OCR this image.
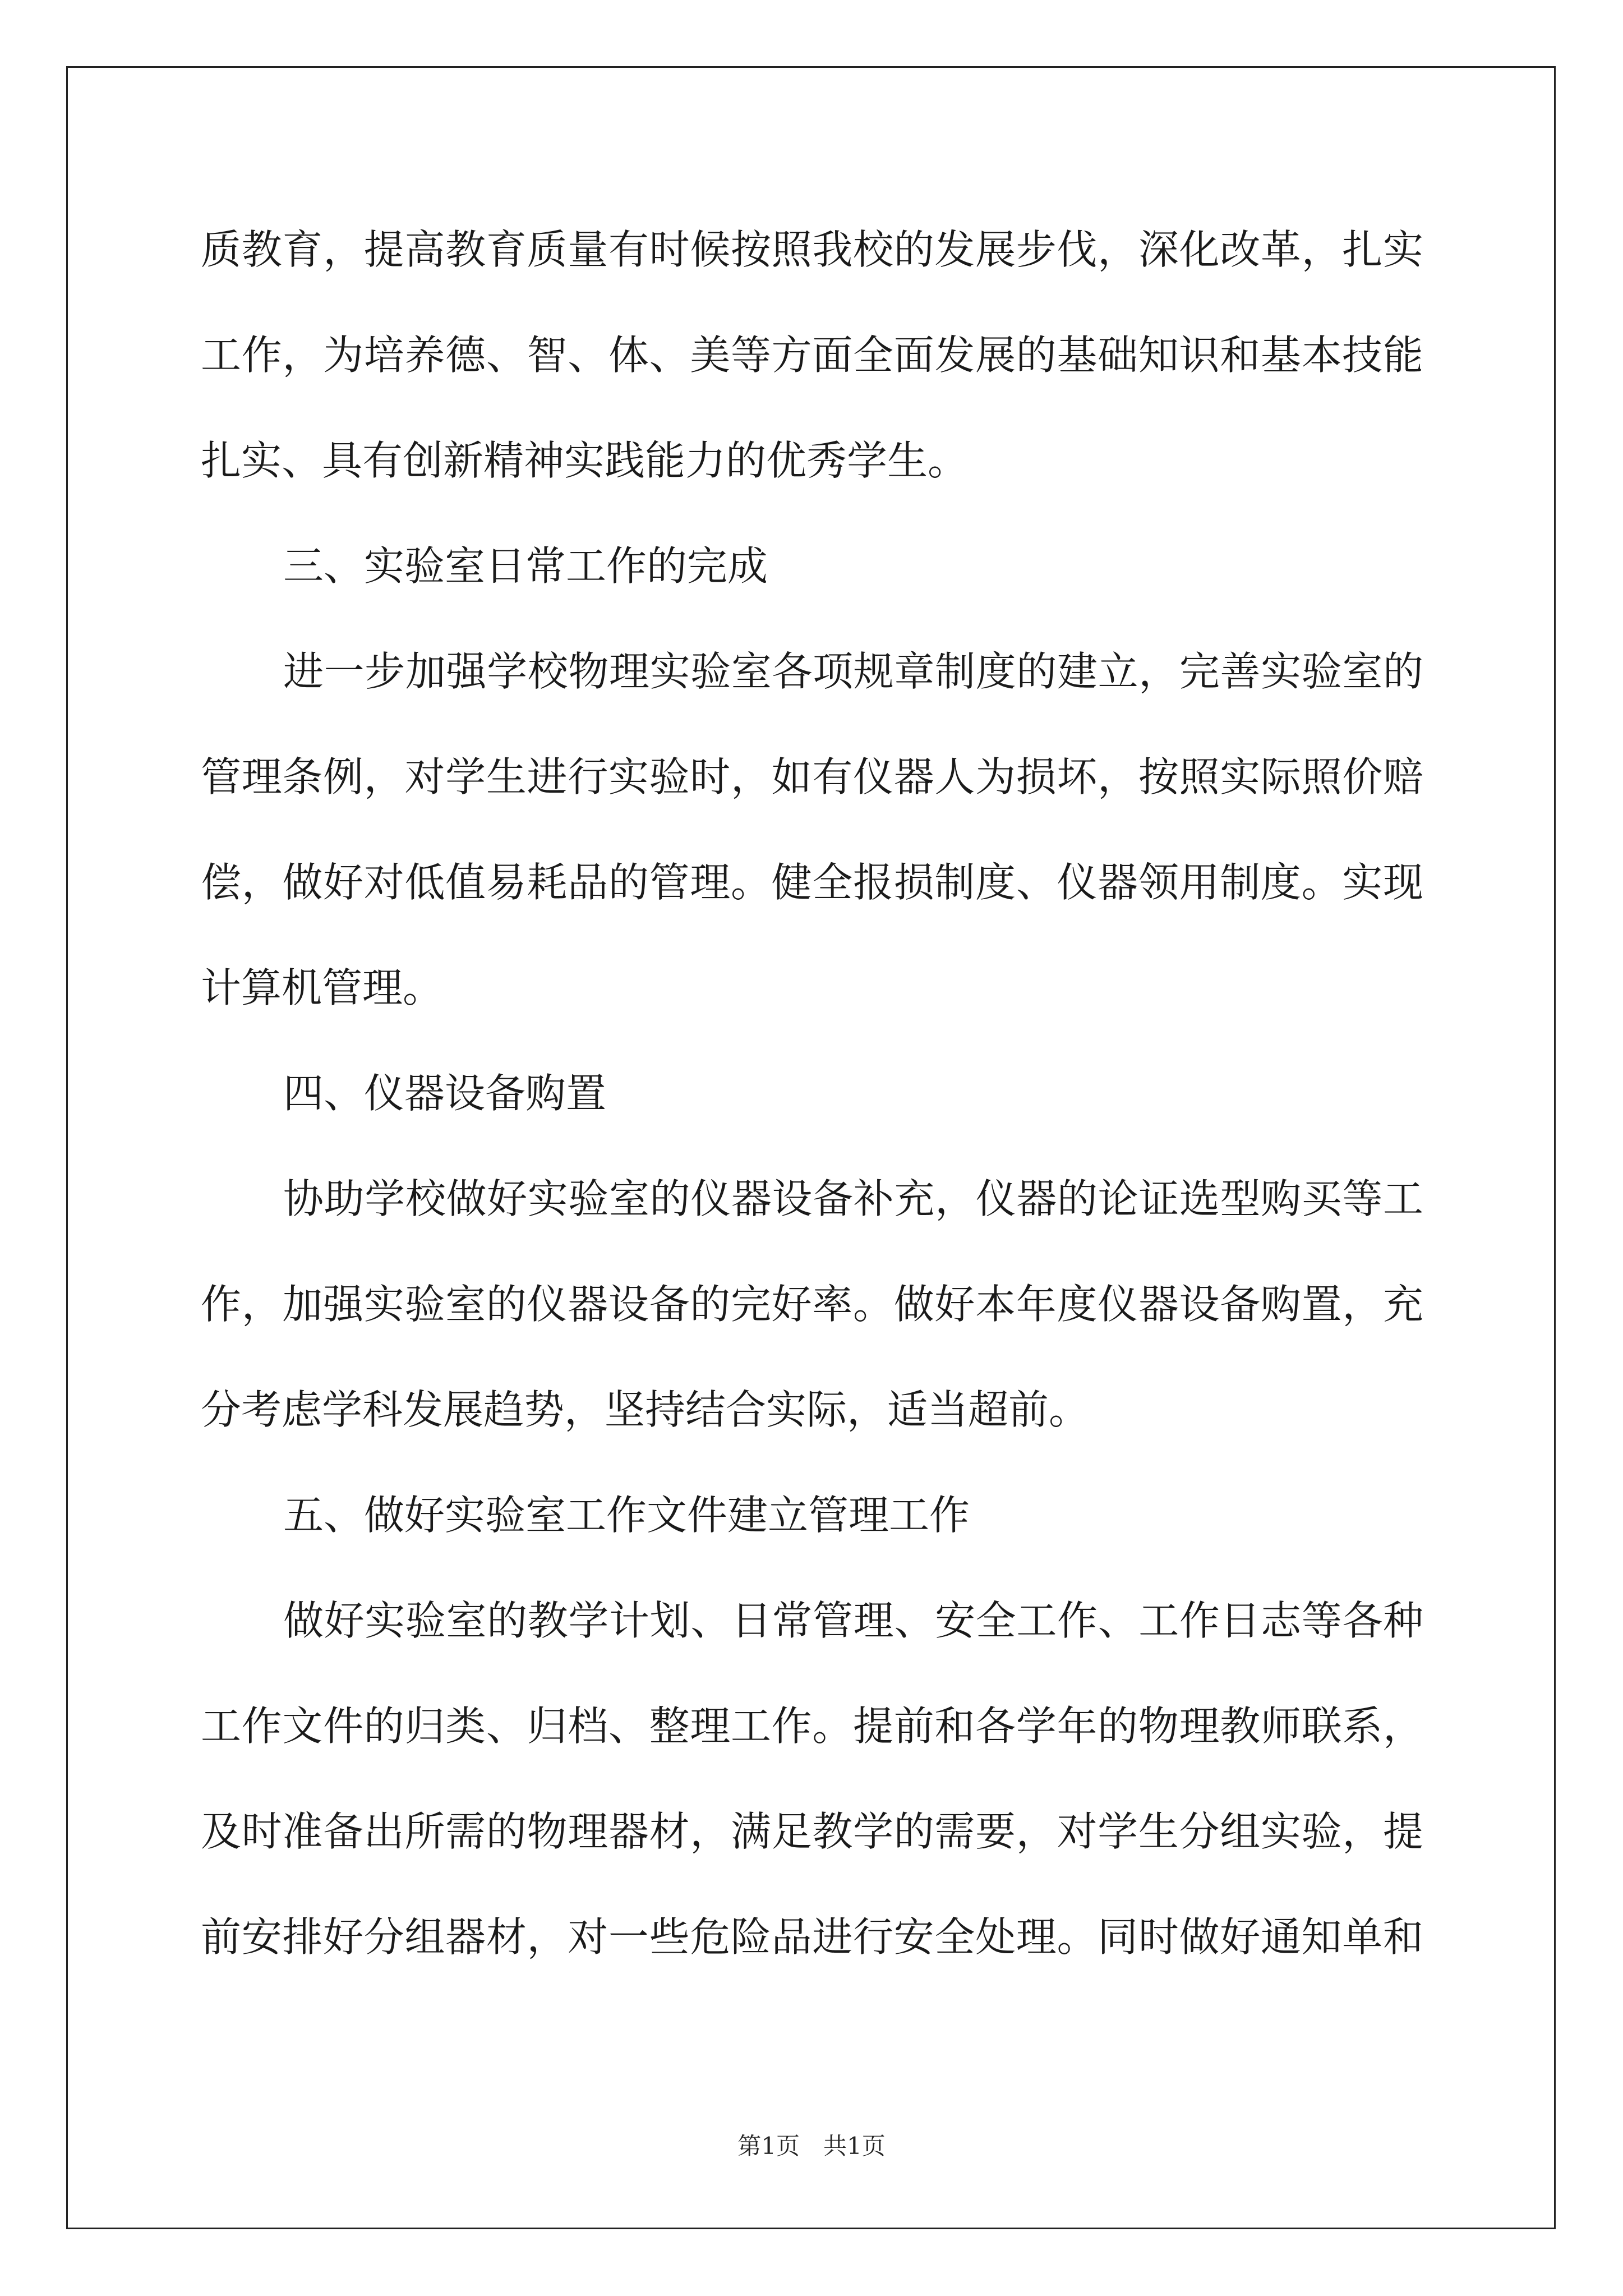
质教育，提高教育质量有时候按照我校的发展步伐，深化改革，扎实
工作，为培养德、智、体、美等方面全面发展的基础知识和基本技能
扎实、具有创新精神实践能力的优秀学生。
三、实验室日常工作的完成
进一步加强学校物理实验室各项规章制度的建立，完善实验室的
管理条例，对学生进行实验时，如有仪器人为损坏，按照实际照价赔
偿，做好对低值易耗品的管理。健全报损制度、仪器领用制度。实现
计算机管理。
四、仪器设备购置
协助学校做好实验室的仪器设备补充，仪器的论证选型购买等工
作，加强实验室的仪器设备的完好率。做好本年度仪器设备购置，充
分考虑学科发展趋势，坚持结合实际，适当超前。
五、做好实验室工作文件建立管理工作
做好实验室的教学计划、日常管理、安全工作、工作日志等各种
工作文件的归类、归档、整理工作。提前和各学年的物理教师联系，
及时准备出所需的物理器材，满足教学的需要，对学生分组实验，提
前安排好分组器材，对一些危险品进行安全处理。同时做好通知单和
第1页　共1页
